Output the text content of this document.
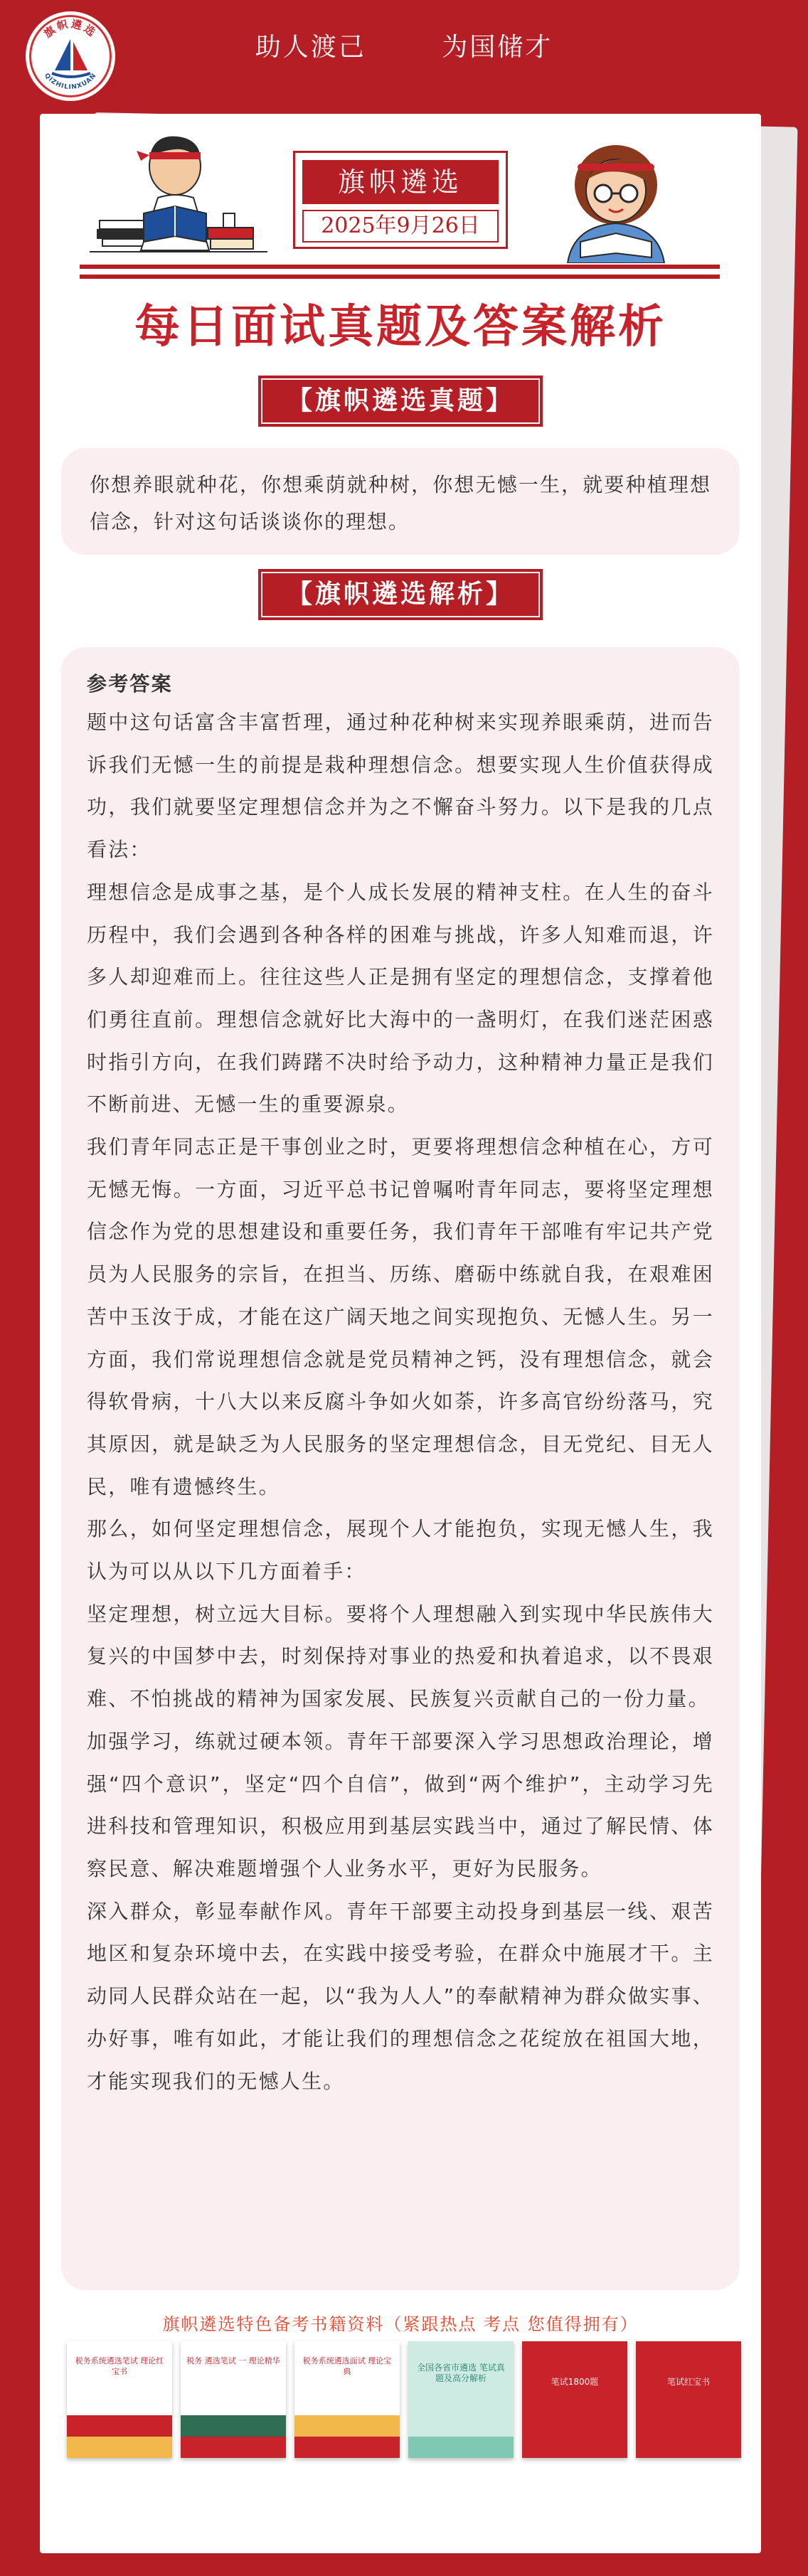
旗帜遴选
QIZHILINXUAN
助人渡己	为国储才
旗帜遴选
2025年9月26日
每日面试真题及答案解析
【旗帜遴选真题】
你想养眼就种花，你想乘荫就种树，你想无憾一生，就要种植理想信念，针对这句话谈谈你的理想。
【旗帜遴选解析】
参考答案

题中这句话富含丰富哲理，通过种花种树来实现养眼乘荫，进而告诉我们无憾一生的前提是栽种理想信念。想要实现人生价值获得成功，我们就要坚定理想信念并为之不懈奋斗努力。以下是我的几点看法：

理想信念是成事之基，是个人成长发展的精神支柱。在人生的奋斗历程中，我们会遇到各种各样的困难与挑战，许多人知难而退，许多人却迎难而上。往往这些人正是拥有坚定的理想信念，支撑着他们勇往直前。理想信念就好比大海中的一盏明灯，在我们迷茫困惑时指引方向，在我们踌躇不决时给予动力，这种精神力量正是我们不断前进、无憾一生的重要源泉。

我们青年同志正是干事创业之时，更要将理想信念种植在心，方可无憾无悔。一方面，习近平总书记曾嘱咐青年同志，要将坚定理想信念作为党的思想建设和重要任务，我们青年干部唯有牢记共产党员为人民服务的宗旨，在担当、历练、磨砺中练就自我，在艰难困苦中玉汝于成，才能在这广阔天地之间实现抱负、无憾人生。另一方面，我们常说理想信念就是党员精神之钙，没有理想信念，就会得软骨病，十八大以来反腐斗争如火如荼，许多高官纷纷落马，究其原因，就是缺乏为人民服务的坚定理想信念，目无党纪、目无人民，唯有遗憾终生。

那么，如何坚定理想信念，展现个人才能抱负，实现无憾人生，我认为可以从以下几方面着手：

坚定理想，树立远大目标。要将个人理想融入到实现中华民族伟大复兴的中国梦中去，时刻保持对事业的热爱和执着追求，以不畏艰难、不怕挑战的精神为国家发展、民族复兴贡献自己的一份力量。

加强学习，练就过硬本领。青年干部要深入学习思想政治理论，增强“四个意识”，坚定“四个自信”，做到“两个维护”，主动学习先进科技和管理知识，积极应用到基层实践当中，通过了解民情、体察民意、解决难题增强个人业务水平，更好为民服务。

深入群众，彰显奉献作风。青年干部要主动投身到基层一线、艰苦地区和复杂环境中去，在实践中接受考验，在群众中施展才干。主动同人民群众站在一起，以“我为人人”的奉献精神为群众做实事、办好事，唯有如此，才能让我们的理想信念之花绽放在祖国大地，才能实现我们的无憾人生。

旗帜遴选特色备考书籍资料（紧跟热点 考点 您值得拥有）
税务系统遴选笔试 理论红宝书
税务 遴选笔试 一 理论精华	税务系统遴选面试 理论宝典	全国各省市遴选 笔试真题及高分解析	笔试1800题	笔试红宝书
